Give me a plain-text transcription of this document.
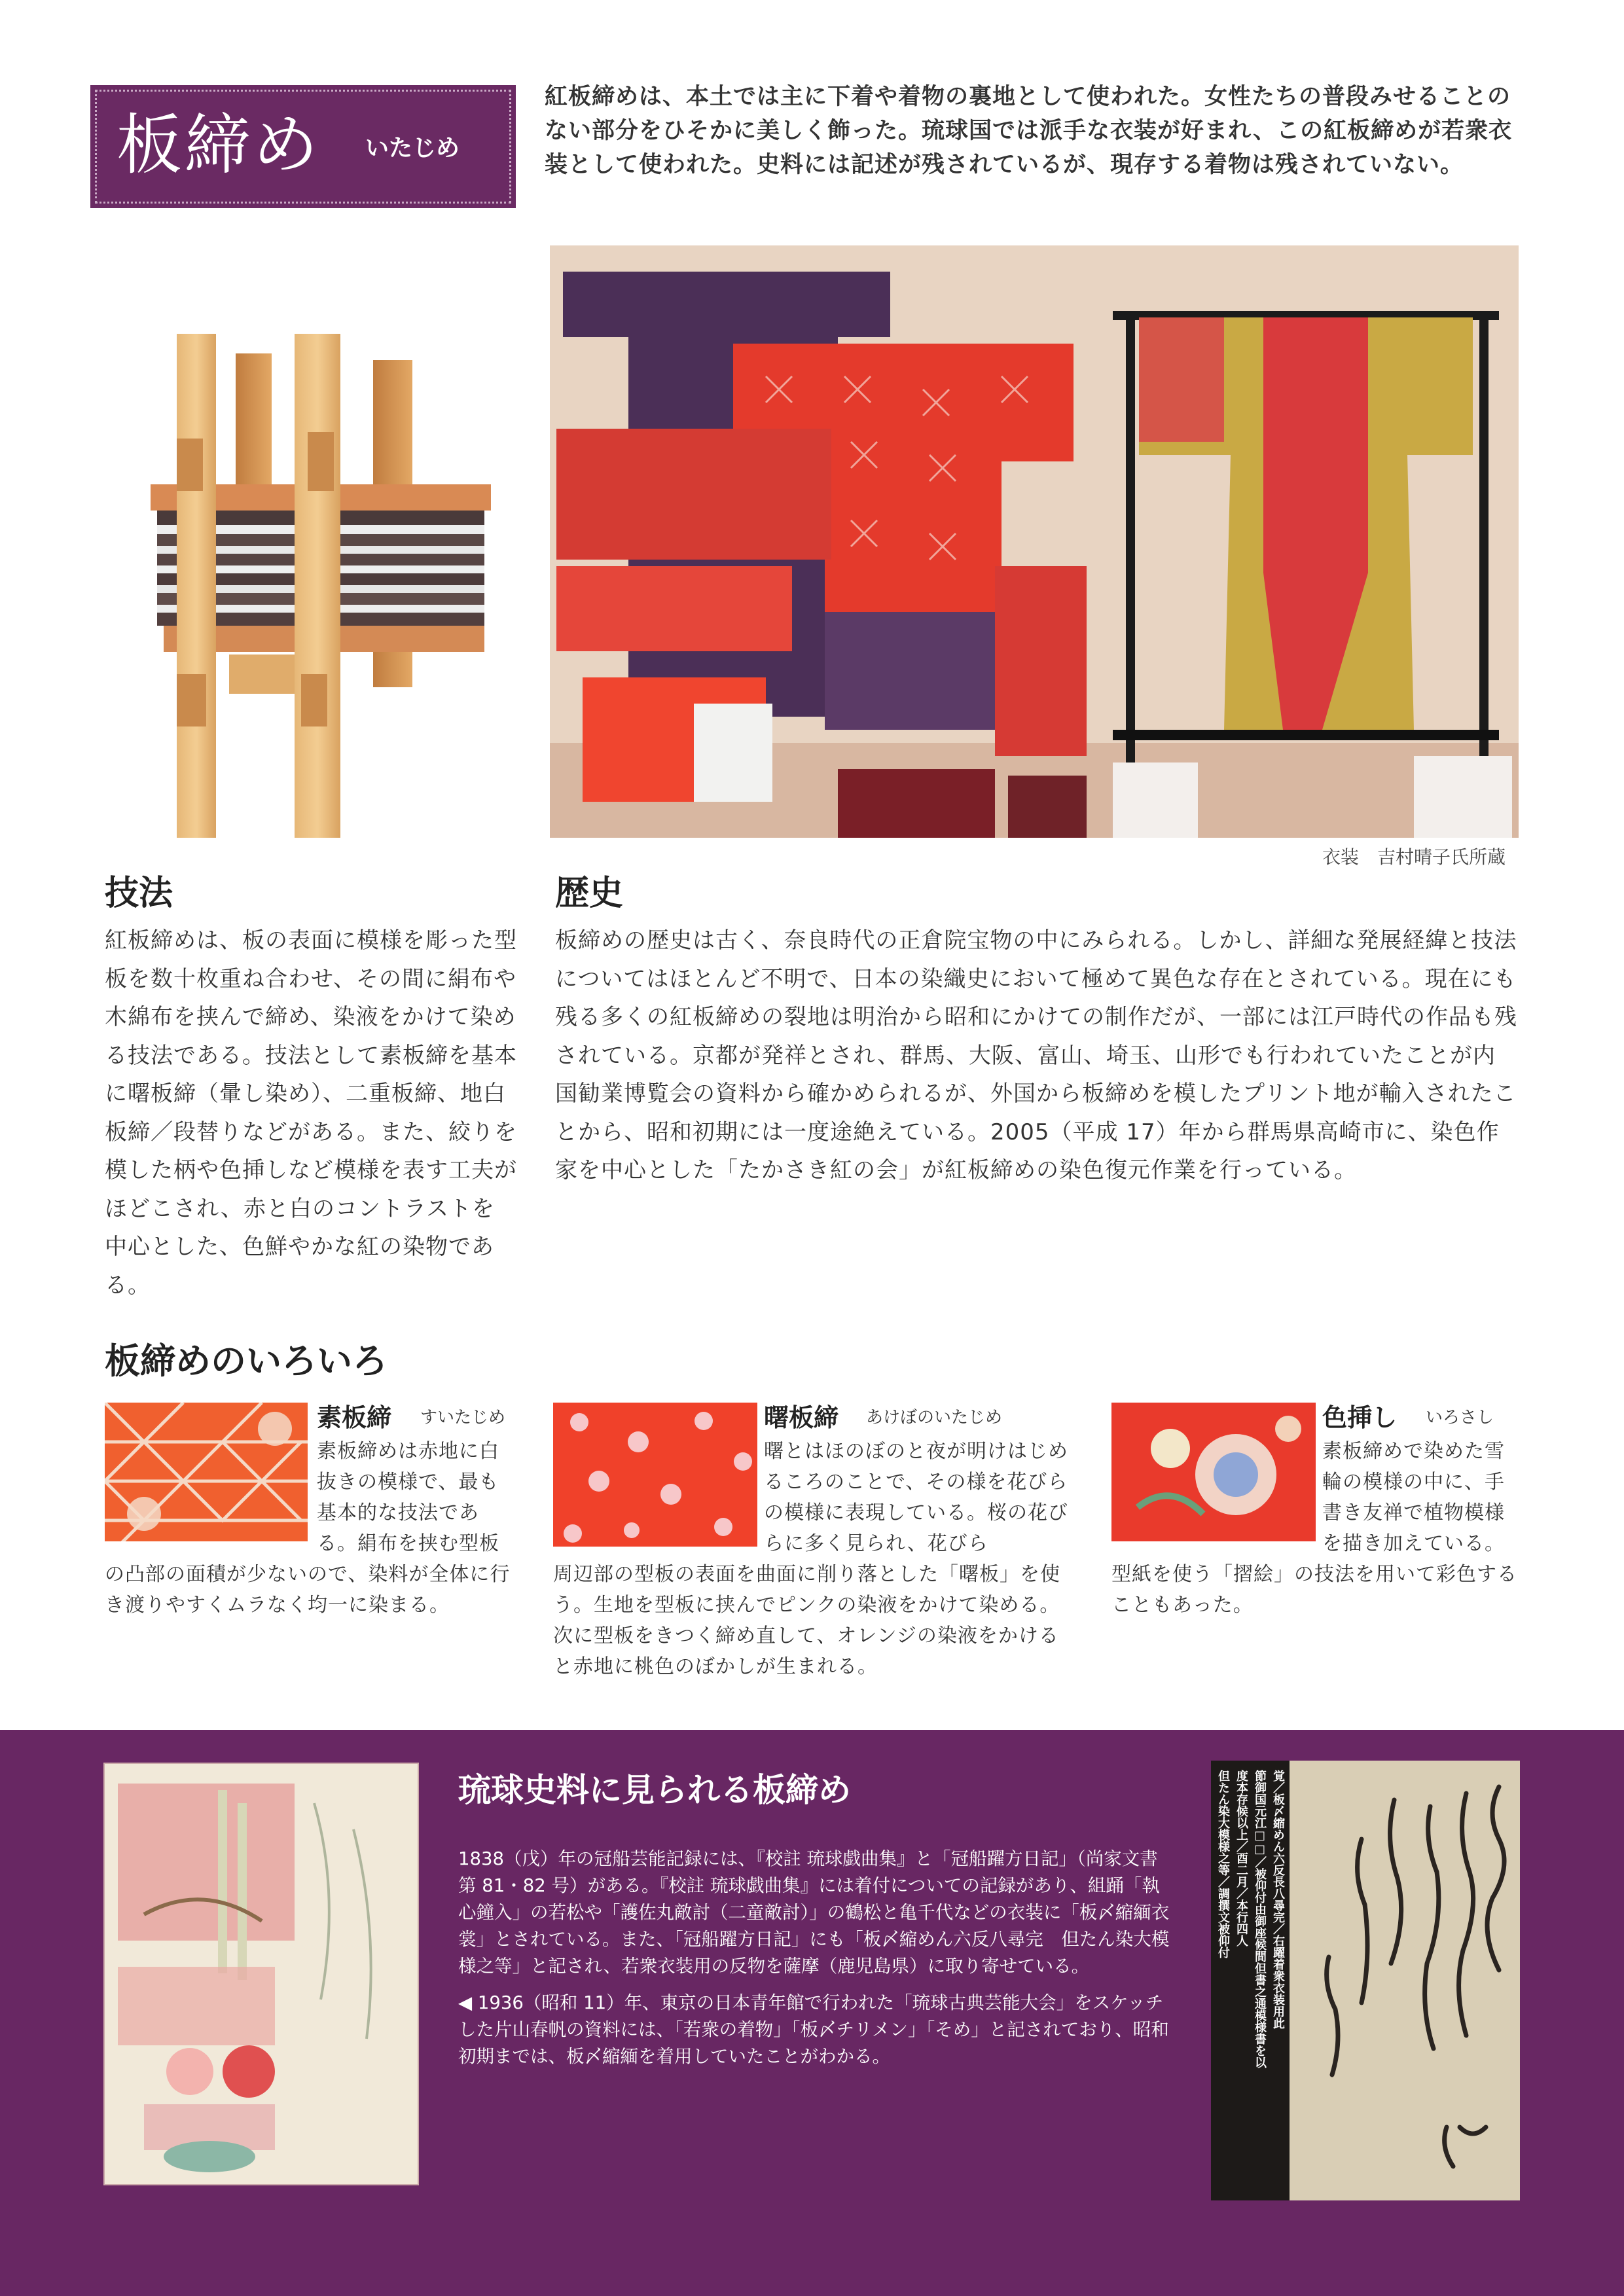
板締め いたじめ
紅板締めは、本土では主に下着や着物の裏地として使われた。女性たちの普段みせることのない部分をひそかに美しく飾った。琉球国では派手な衣装が好まれ、この紅板締めが若衆衣装として使われた。史料には記述が残されているが、現存する着物は残されていない。
衣装　吉村晴子氏所蔵
技法
紅板締めは、板の表面に模様を彫った型板を数十枚重ね合わせ、その間に絹布や木綿布を挟んで締め、染液をかけて染める技法である。技法として素板締を基本に曙板締（暈し染め）、二重板締、地白板締／段替りなどがある。また、絞りを模した柄や色挿しなど模様を表す工夫がほどこされ、赤と白のコントラストを中心とした、色鮮やかな紅の染物である。
歴史
板締めの歴史は古く、奈良時代の正倉院宝物の中にみられる。しかし、詳細な発展経緯と技法についてはほとんど不明で、日本の染織史において極めて異色な存在とされている。現在にも残る多くの紅板締めの裂地は明治から昭和にかけての制作だが、一部には江戸時代の作品も残されている。京都が発祥とされ、群馬、大阪、富山、埼玉、山形でも行われていたことが内国勧業博覧会の資料から確かめられるが、外国から板締めを模したプリント地が輸入されたことから、昭和初期には一度途絶えている。2005（平成 17）年から群馬県高崎市に、染色作家を中心とした「たかさき紅の会」が紅板締めの染色復元作業を行っている。
板締めのいろいろ
素板締 すいたじめ
素板締めは赤地に白抜きの模様で、最も基本的な技法である。絹布を挟む型板
の凸部の面積が少ないので、染料が全体に行き渡りやすくムラなく均一に染まる。
曙板締 あけぼのいたじめ
曙とはほのぼのと夜が明けはじめるころのことで、その様を花びらの模様に表現している。桜の花びらに多く見られ、花びら
周辺部の型板の表面を曲面に削り落とした「曙板」を使う。生地を型板に挟んでピンクの染液をかけて染める。次に型板をきつく締め直して、オレンジの染液をかけると赤地に桃色のぼかしが生まれる。
色挿し いろさし
素板締めで染めた雪輪の模様の中に、手書き友禅で植物模様を描き加えている。
型紙を使う「摺絵」の技法を用いて彩色することもあった。
琉球史料に見られる板締め
1838（戊）年の冠船芸能記録には、『校註 琉球戯曲集』と「冠船躍方日記」（尚家文書第 81・82 号）がある。『校註 琉球戯曲集』には着付についての記録があり、組踊「執心鐘入」の若松や「護佐丸敵討（二童敵討）」の鶴松と亀千代などの衣装に「板〆縮緬衣裳」とされている。また、「冠船躍方日記」にも「板〆縮めん六反八尋完　但たん染大模様之等」と記され、若衆衣装用の反物を薩摩（鹿児島県）に取り寄せている。
◀ 1936（昭和 11）年、東京の日本青年館で行われた「琉球古典芸能大会」をスケッチした片山春帆の資料には、「若衆の着物」「板〆チリメン」「そめ」と記されており、昭和初期までは、板〆縮緬を着用していたことがわかる。
覚／板〆縮めん六反長八尋完／右躍着衆衣装用此
節御国元江□□／被仰付由御座候間但書之通模様書を以
度本存候以上／酉二月／本行四人
但たん染大模様之等／調撰文被仰付
